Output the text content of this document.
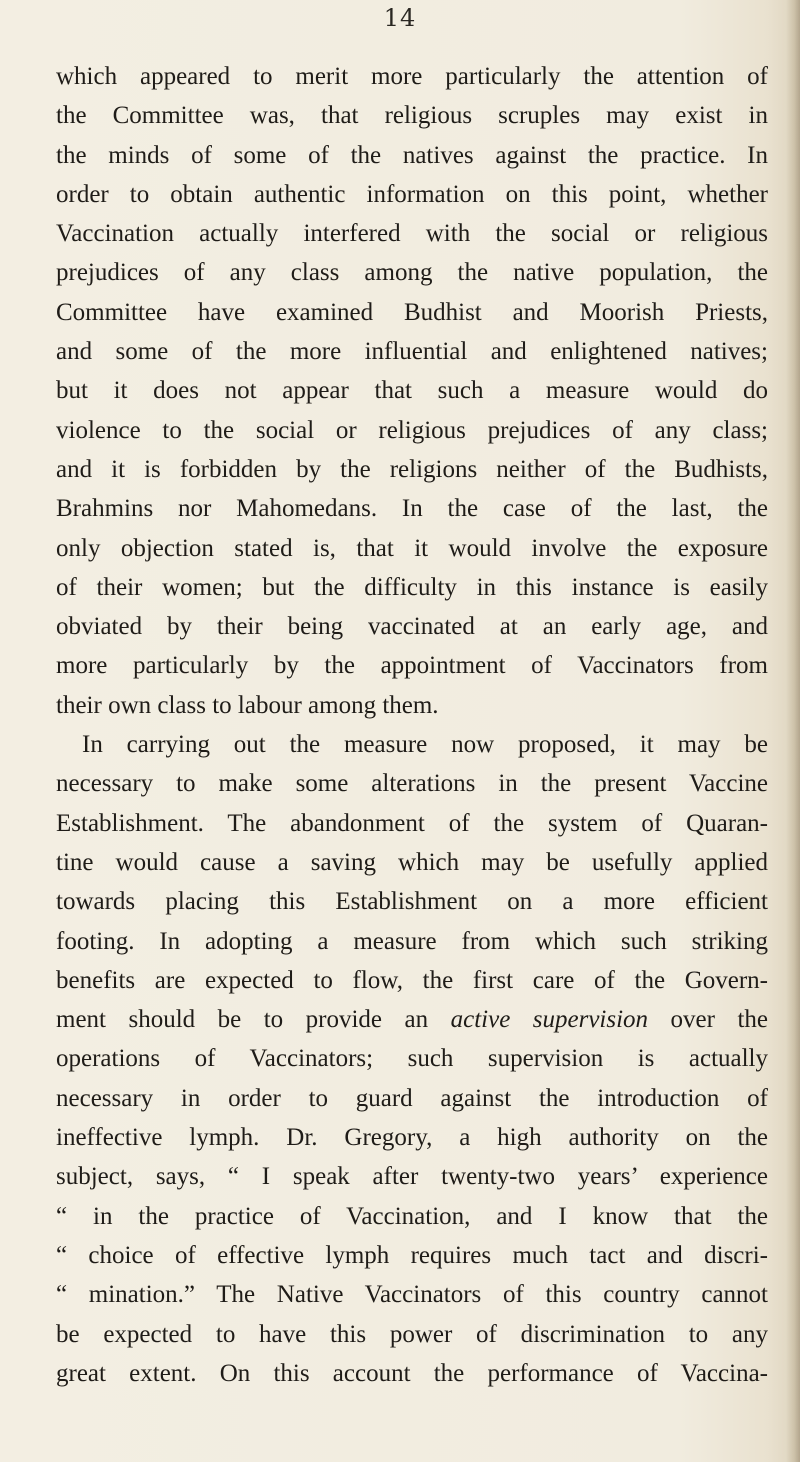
14
which appeared to merit more particularly the attention of
the Committee was, that religious scruples may exist in
the minds of some of the natives against the practice. In
order to obtain authentic information on this point, whether
Vaccination actually interfered with the social or religious
prejudices of any class among the native population, the
Committee have examined Budhist and Moorish Priests,
and some of the more influential and enlightened natives;
but it does not appear that such a measure would do
violence to the social or religious prejudices of any class;
and it is forbidden by the religions neither of the Budhists,
Brahmins nor Mahomedans. In the case of the last, the
only objection stated is, that it would involve the exposure
of their women; but the difficulty in this instance is easily
obviated by their being vaccinated at an early age, and
more particularly by the appointment of Vaccinators from
their own class to labour among them.
In carrying out the measure now proposed, it may be
necessary to make some alterations in the present Vaccine
Establishment. The abandonment of the system of Quaran-
tine would cause a saving which may be usefully applied
towards placing this Establishment on a more efficient
footing. In adopting a measure from which such striking
benefits are expected to flow, the first care of the Govern-
ment should be to provide an active supervision over the
operations of Vaccinators; such supervision is actually
necessary in order to guard against the introduction of
ineffective lymph. Dr. Gregory, a high authority on the
subject, says, “ I speak after twenty-two years’ experience
“ in the practice of Vaccination, and I know that the
“ choice of effective lymph requires much tact and discri-
“ mination.” The Native Vaccinators of this country cannot
be expected to have this power of discrimination to any
great extent. On this account the performance of Vaccina-
